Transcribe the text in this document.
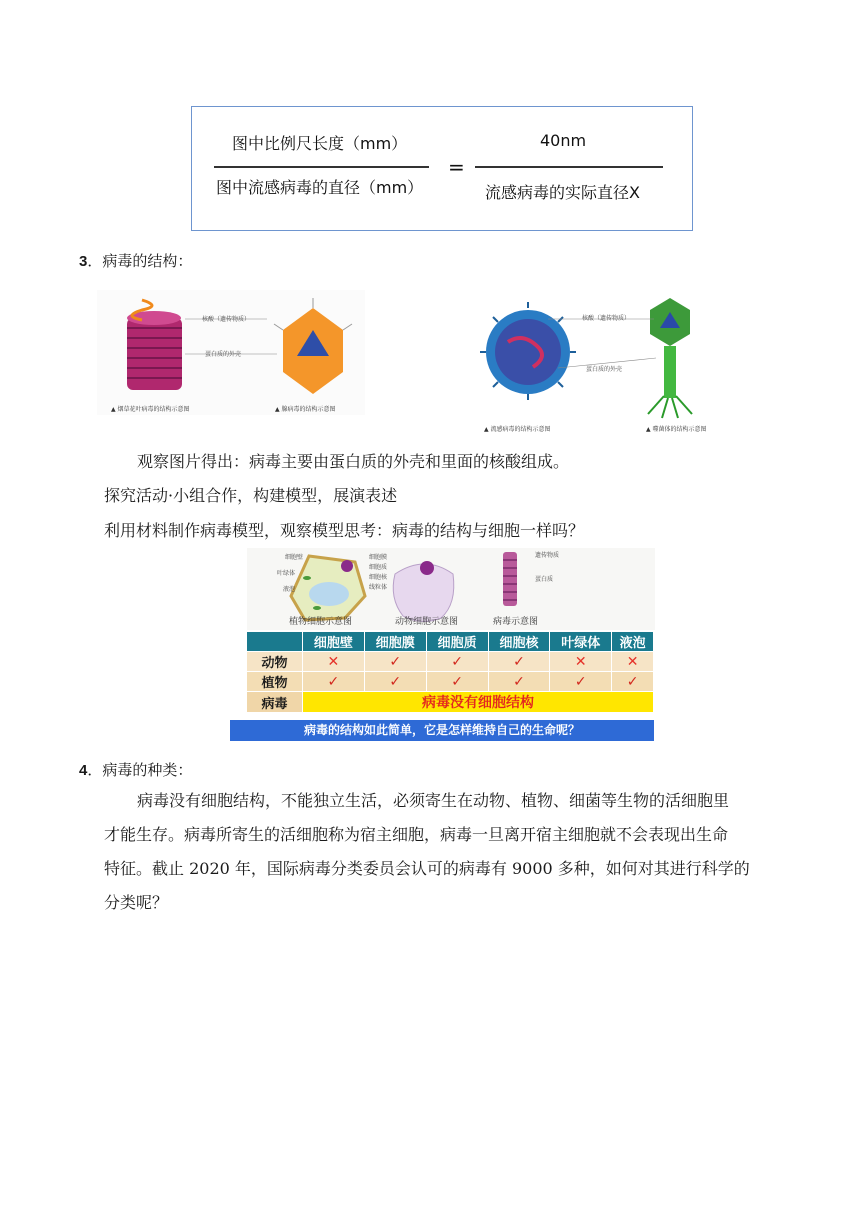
图中比例尺长度（mm）
图中流感病毒的直径（mm）
=
40nm
流感病毒的实际直径X
3．病毒的结构：
核酸（遗传物质）
蛋白质的外壳
▲ 烟草花叶病毒的结构示意图	▲ 腺病毒的结构示意图
核酸（遗传物质）
蛋白质的外壳
▲ 流感病毒的结构示意图	▲ 噬菌体的结构示意图
观察图片得出：病毒主要由蛋白质的外壳和里面的核酸组成。
探究活动·小组合作，构建模型，展演表述
利用材料制作病毒模型，观察模型思考：病毒的结构与细胞一样吗？
细胞壁
叶绿体
液泡
细胞膜
细胞质
细胞核
线粒体
遗传物质
蛋白质
植物细胞示意图	动物细胞示意图	病毒示意图
	细胞壁	细胞膜	细胞质	细胞核	叶绿体	液泡
动物	✕	✓	✓	✓	✕	✕
植物	✓	✓	✓	✓	✓	✓
病毒	病毒没有细胞结构					
病毒的结构如此简单，它是怎样维持自己的生命呢？
4．病毒的种类：
病毒没有细胞结构，不能独立生活，必须寄生在动物、植物、细菌等生物的活细胞里
才能生存。病毒所寄生的活细胞称为宿主细胞，病毒一旦离开宿主细胞就不会表现出生命
特征。截止 2020 年，国际病毒分类委员会认可的病毒有 9000 多种，如何对其进行科学的
分类呢？
